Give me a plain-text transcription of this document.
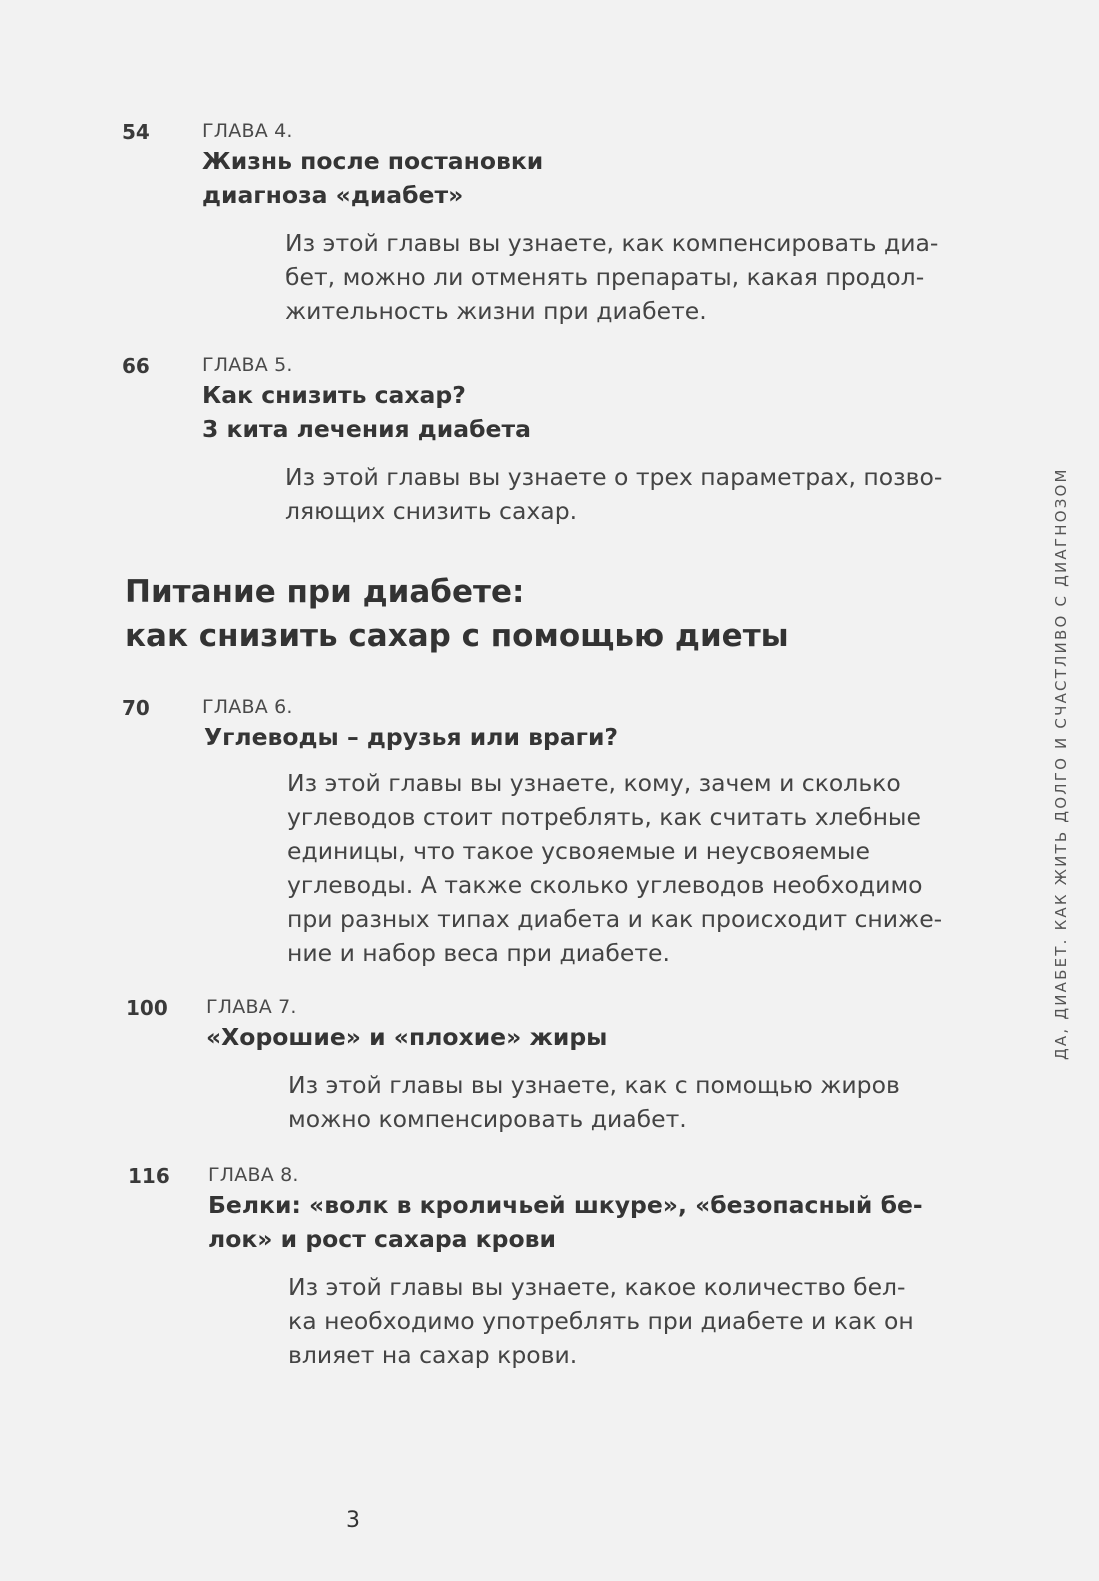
54	ГЛАВА 4.
Жизнь после постановки
диагноза «диабет»
Из этой главы вы узнаете, как компенсировать диа-
бет, можно ли отменять препараты, какая продол-
жительность жизни при диабете.
66	ГЛАВА 5.
Как снизить сахар?
3 кита лечения диабета
Из этой главы вы узнаете о трех параметрах, позво-
ляющих снизить сахар.
Питание при диабете:
как снизить сахар с помощью диеты
70	ГЛАВА 6.
Углеводы – друзья или враги?
Из этой главы вы узнаете, кому, зачем и сколько
углеводов стоит потреблять, как считать хлебные
единицы, что такое усвояемые и неусвояемые
углеводы. А также сколько углеводов необходимо
при разных типах диабета и как происходит сниже-
ние и набор веса при диабете.
100 ГЛАВА 7.
«Хорошие» и «плохие» жиры
Из этой главы вы узнаете, как с помощью жиров
можно компенсировать диабет.
116 ГЛАВА 8.
Белки: «волк в кроличьей шкуре», «безопасный бе-
лок» и рост сахара крови
Из этой главы вы узнаете, какое количество бел-
ка необходимо употреблять при диабете и как он
влияет на сахар крови.
ДА, ДИАБЕТ. КАК ЖИТЬ ДОЛГО И СЧАСТЛИВО С ДИАГНОЗОМ
3
